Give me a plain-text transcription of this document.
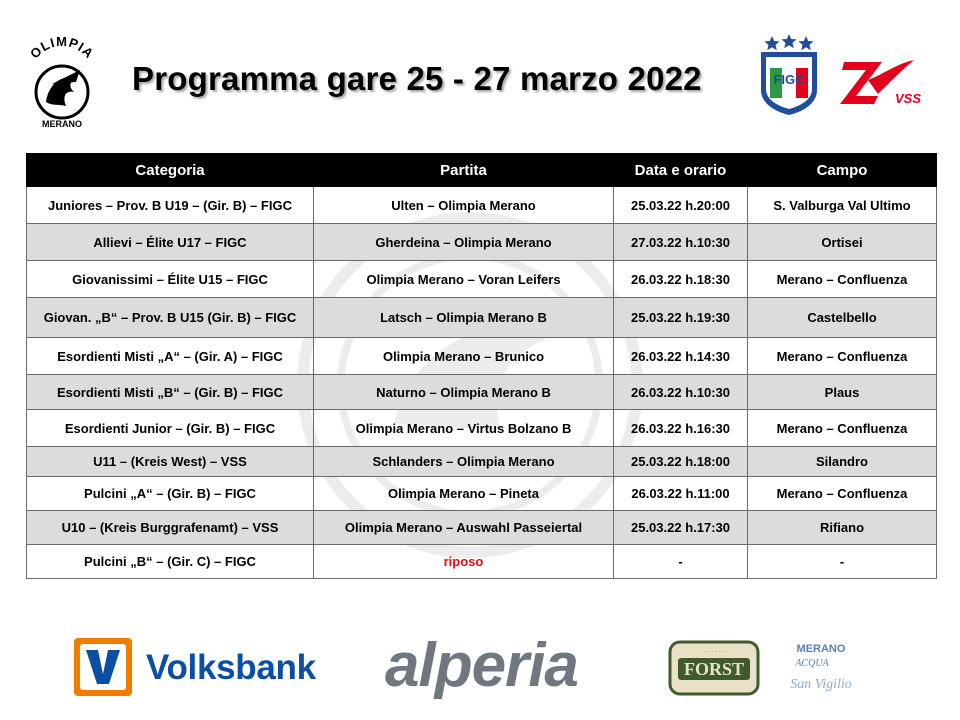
OLIMPIA
MERANO
Programma gare 25 - 27 marzo 2022	FIGC
VSS
Categoria	Partita	Data e orario	Campo
Juniores – Prov. B U19 – (Gir. B) – FIGC	Ulten – Olimpia Merano	25.03.22 h.20:00	S. Valburga Val Ultimo
Allievi – Élite U17 – FIGC	Gherdeina – Olimpia Merano	27.03.22 h.10:30	Ortisei
Giovanissimi – Élite U15 – FIGC	Olimpia Merano – Voran Leifers	26.03.22 h.18:30	Merano – Confluenza
Giovan. „B“ – Prov. B U15 (Gir. B) – FIGC	Latsch – Olimpia Merano B	25.03.22 h.19:30	Castelbello
Esordienti Misti „A“ – (Gir. A) – FIGC	Olimpia Merano – Brunico	26.03.22 h.14:30	Merano – Confluenza
Esordienti Misti „B“ – (Gir. B) – FIGC	Naturno – Olimpia Merano B	26.03.22 h.10:30	Plaus
Esordienti Junior – (Gir. B) – FIGC	Olimpia Merano – Virtus Bolzano B	26.03.22 h.16:30	Merano – Confluenza
U11 – (Kreis West) – VSS	Schlanders – Olimpia Merano	25.03.22 h.18:00	Silandro
Pulcini „A“ – (Gir. B) – FIGC	Olimpia Merano – Pineta	26.03.22 h.11:00	Merano – Confluenza
U10 – (Kreis Burggrafenamt) – VSS	Olimpia Merano – Auswahl Passeiertal	25.03.22 h.17:30	Rifiano
Pulcini „B“ – (Gir. C) – FIGC	riposo	-	-
Volksbank alperia	FORST
· · · · · · · ·	MERANO
ACQUA
San Vigilio
